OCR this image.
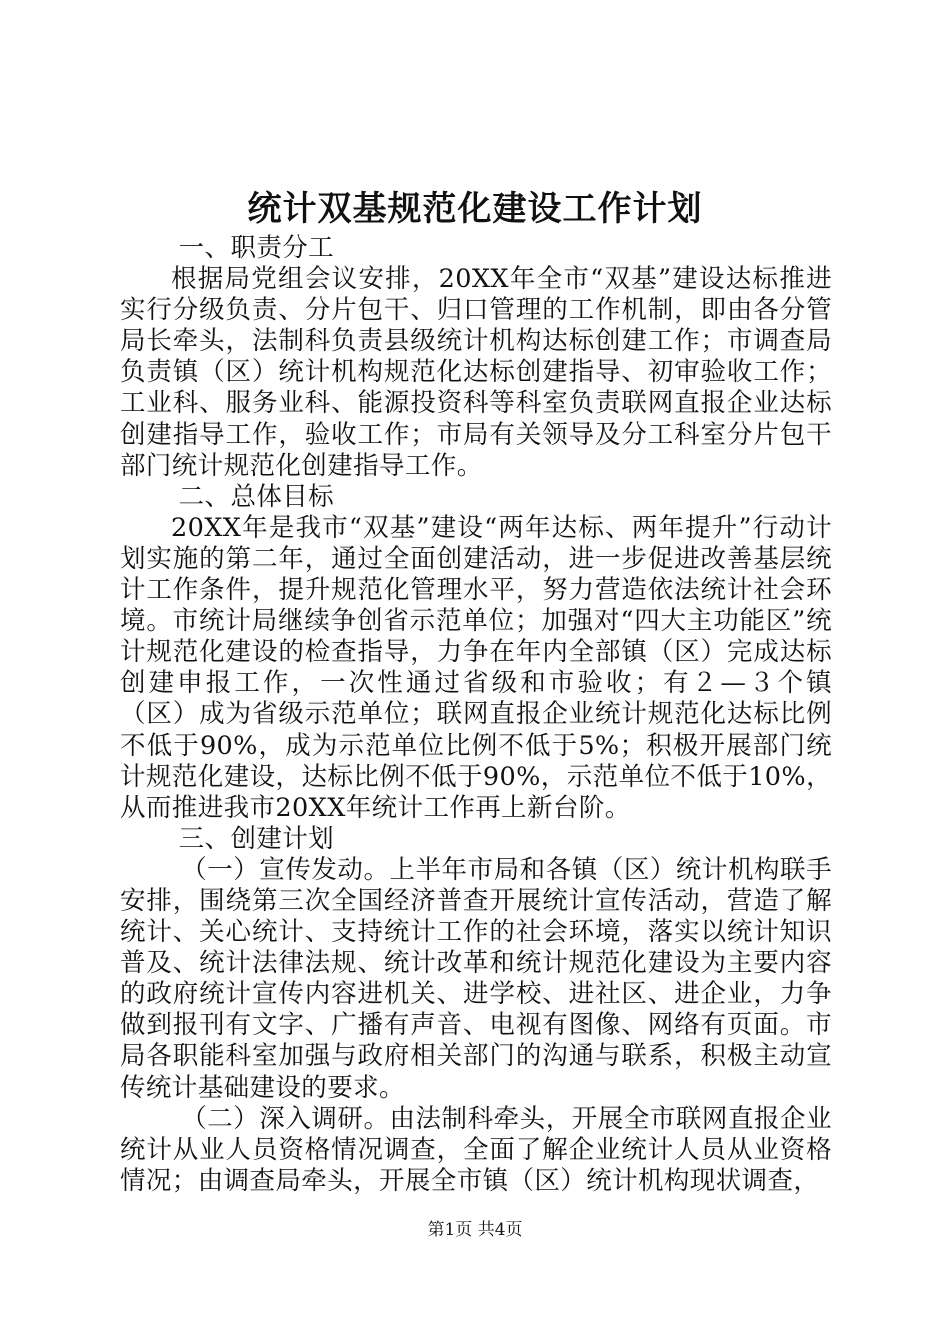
统计双基规范化建设工作计划

一、职责分工

根据局党组会议安排，20XX年全市“双基”建设达标推进实行分级负责、分片包干、归口管理的工作机制，即由各分管局长牵头，法制科负责县级统计机构达标创建工作；市调查局负责镇（区）统计机构规范化达标创建指导、初审验收工作；工业科、服务业科、能源投资科等科室负责联网直报企业达标创建指导工作，验收工作；市局有关领导及分工科室分片包干部门统计规范化创建指导工作。

二、总体目标

20XX年是我市“双基”建设“两年达标、两年提升”行动计划实施的第二年，通过全面创建活动，进一步促进改善基层统计工作条件，提升规范化管理水平，努力营造依法统计社会环境。市统计局继续争创省示范单位；加强对“四大主功能区”统计规范化建设的检查指导，力争在年内全部镇（区）完成达标创建申报工作，一次性通过省级和市验收；有２—３个镇（区）成为省级示范单位；联网直报企业统计规范化达标比例不低于90%，成为示范单位比例不低于5%；积极开展部门统计规范化建设，达标比例不低于90%，示范单位不低于10%，从而推进我市20XX年统计工作再上新台阶。

三、创建计划

（一）宣传发动。上半年市局和各镇（区）统计机构联手安排，围绕第三次全国经济普查开展统计宣传活动，营造了解统计、关心统计、支持统计工作的社会环境，落实以统计知识普及、统计法律法规、统计改革和统计规范化建设为主要内容的政府统计宣传内容进机关、进学校、进社区、进企业，力争做到报刊有文字、广播有声音、电视有图像、网络有页面。市局各职能科室加强与政府相关部门的沟通与联系，积极主动宣传统计基础建设的要求。

（二）深入调研。由法制科牵头，开展全市联网直报企业统计从业人员资格情况调查，全面了解企业统计人员从业资格情况；由调查局牵头，开展全市镇（区）统计机构现状调查，

第1页 共4页
